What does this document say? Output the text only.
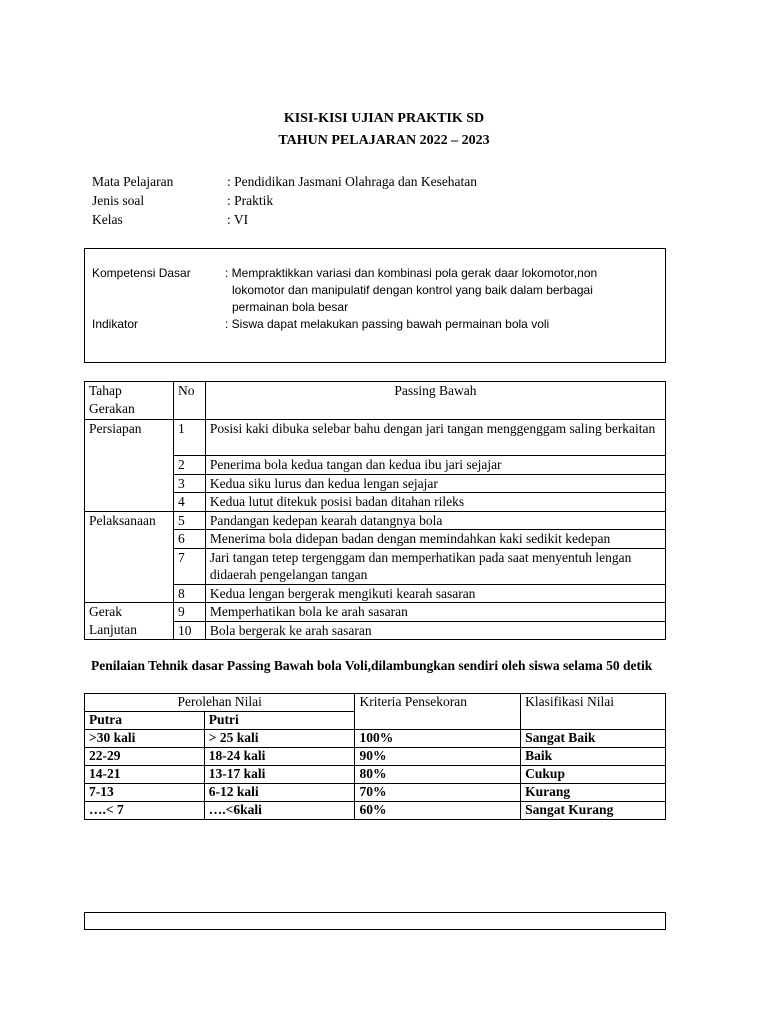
KISI-KISI UJIAN PRAKTIK SD
TAHUN PELAJARAN 2022 – 2023
Mata Pelajaran	: Pendidikan Jasmani Olahraga dan Kesehatan
Jenis soal	: Praktik
Kelas	: VI
Kompetensi Dasar	: Mempraktikkan variasi dan kombinasi pola gerak daar lokomotor,non
lokomotor dan manipulatif dengan kontrol yang baik dalam berbagai
permainan bola besar
Indikator	: Siswa dapat melakukan passing bawah permainan bola voli
Tahap Gerakan	No	Passing Bawah
Persiapan	1	Posisi kaki dibuka selebar bahu dengan jari tangan menggenggam saling berkaitan
	2	Penerima bola kedua tangan dan kedua ibu jari sejajar
	3	Kedua siku lurus dan kedua lengan sejajar
	4	Kedua lutut ditekuk posisi badan ditahan rileks
Pelaksanaan	5	Pandangan kedepan kearah datangnya bola
	6	Menerima bola didepan badan dengan memindahkan kaki sedikit kedepan
	7	Jari tangan tetep tergenggam dan memperhatikan pada saat menyentuh lengan didaerah pengelangan tangan
	8	Kedua lengan bergerak mengikuti kearah sasaran
Gerak Lanjutan	9	Memperhatikan bola ke arah sasaran
	10	Bola bergerak ke arah sasaran
Penilaian Tehnik dasar Passing Bawah bola Voli,dilambungkan sendiri oleh siswa selama 50 detik
Perolehan Nilai		Kriteria Pensekoran	Klasifikasi Nilai
Putra	Putri		
>30 kali	> 25 kali	100%	Sangat Baik
22-29	18-24 kali	90%	Baik
14-21	13-17 kali	80%	Cukup
7-13	6-12 kali	70%	Kurang
….< 7	….<6kali	60%	Sangat Kurang
